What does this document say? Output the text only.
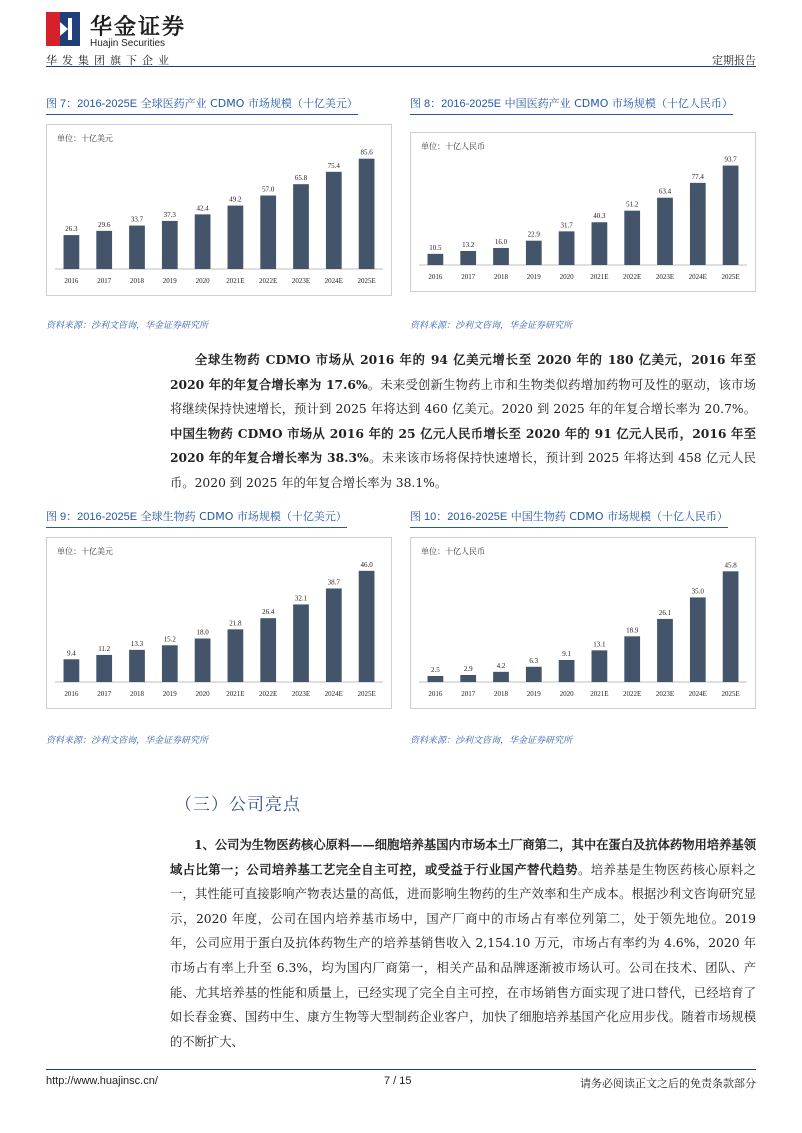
华金证券
Huajin Securities
华发集团旗下企业	定期报告
图 7：2016-2025E 全球医药产业 CDMO 市场规模（十亿美元）
单位：十亿美元
26.3
2016
29.6
2017
33.7
2018
37.3
2019
42.4
2020
49.2
2021E
57.0
2022E
65.8
2023E
75.4
2024E
85.6
2025E
资料来源：沙利文咨询，华金证券研究所
图 8：2016-2025E 中国医药产业 CDMO 市场规模（十亿人民币）
单位：十亿人民币
10.5
2016
13.2
2017
16.0
2018
22.9
2019
31.7
2020
40.3
2021E
51.2
2022E
63.4
2023E
77.4
2024E
93.7
2025E
资料来源：沙利文咨询，华金证券研究所
全球生物药 CDMO 市场从 2016 年的 94 亿美元增长至 2020 年的 180 亿美元，2016 年至 2020 年的年复合增长率为 17.6%。未来受创新生物药上市和生物类似药增加药物可及性的驱动，该市场将继续保持快速增长，预计到 2025 年将达到 460 亿美元。2020 到 2025 年的年复合增长率为 20.7%。中国生物药 CDMO 市场从 2016 年的 25 亿元人民币增长至 2020 年的 91 亿元人民币，2016 年至 2020 年的年复合增长率为 38.3%。未来该市场将保持快速增长，预计到 2025 年将达到 458 亿元人民币。2020 到 2025 年的年复合增长率为 38.1%。
图 9：2016-2025E 全球生物药 CDMO 市场规模（十亿美元）
单位：十亿美元
9.4
2016
11.2
2017
13.3
2018
15.2
2019
18.0
2020
21.8
2021E
26.4
2022E
32.1
2023E
38.7
2024E
46.0
2025E
资料来源：沙利文咨询，华金证券研究所
图 10：2016-2025E 中国生物药 CDMO 市场规模（十亿人民币）
单位：十亿人民币
2.5
2016
2.9
2017
4.2
2018
6.3
2019
9.1
2020
13.1
2021E
18.9
2022E
26.1
2023E
35.0
2024E
45.8
2025E
资料来源：沙利文咨询，华金证券研究所
（三）公司亮点
1、公司为生物医药核心原料——细胞培养基国内市场本土厂商第二，其中在蛋白及抗体药物用培养基领域占比第一；公司培养基工艺完全自主可控，或受益于行业国产替代趋势。培养基是生物医药核心原料之一，其性能可直接影响产物表达量的高低，进而影响生物药的生产效率和生产成本。根据沙利文咨询研究显示，2020 年度，公司在国内培养基市场中，国产厂商中的市场占有率位列第二，处于领先地位。2019 年，公司应用于蛋白及抗体药物生产的培养基销售收入 2,154.10 万元，市场占有率约为 4.6%，2020 年市场占有率上升至 6.3%，均为国内厂商第一，相关产品和品牌逐渐被市场认可。公司在技术、团队、产能、尤其培养基的性能和质量上，已经实现了完全自主可控，在市场销售方面实现了进口替代，已经培育了如长春金赛、国药中生、康方生物等大型制药企业客户，加快了细胞培养基国产化应用步伐。随着市场规模的不断扩大、
http://www.huajinsc.cn/	7 / 15	请务必阅读正文之后的免责条款部分
